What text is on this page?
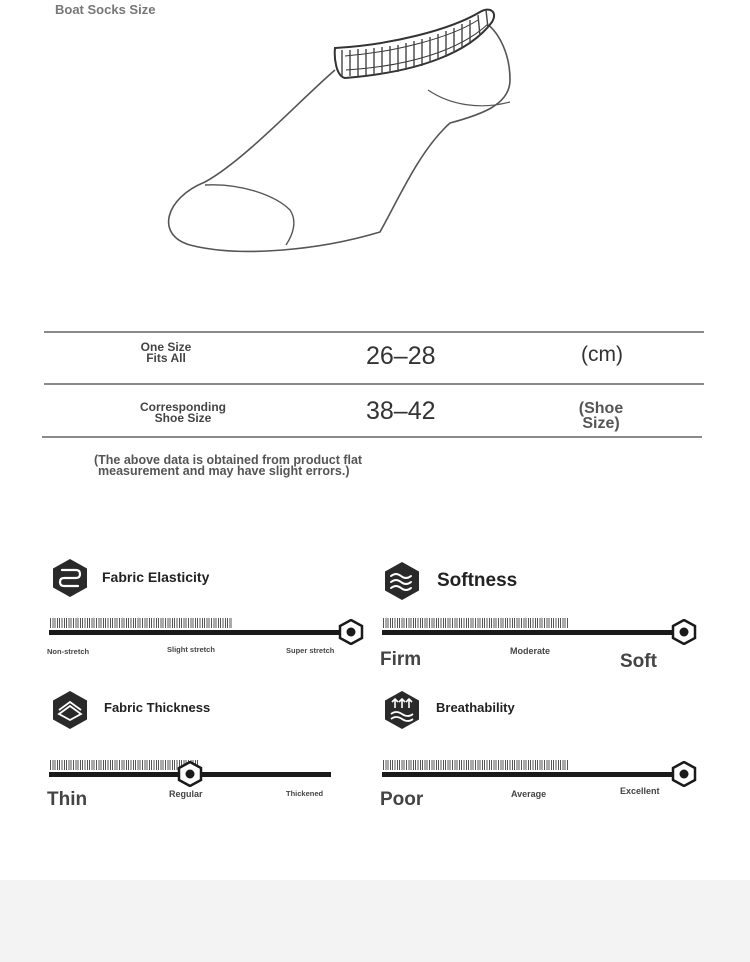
Boat Socks Size
One Size
Fits All	26–28	(cm)
Corresponding
Shoe Size	38–42	(Shoe
Size)
(The above data is obtained from product flat
measurement and may have slight errors.)
Fabric Elasticity
Non-stretch	Slight stretch	Super stretch
Softness
Firm	Moderate	Soft
Fabric Thickness
Thin	Regular	Thickened
Breathability
Poor	Average	Excellent
